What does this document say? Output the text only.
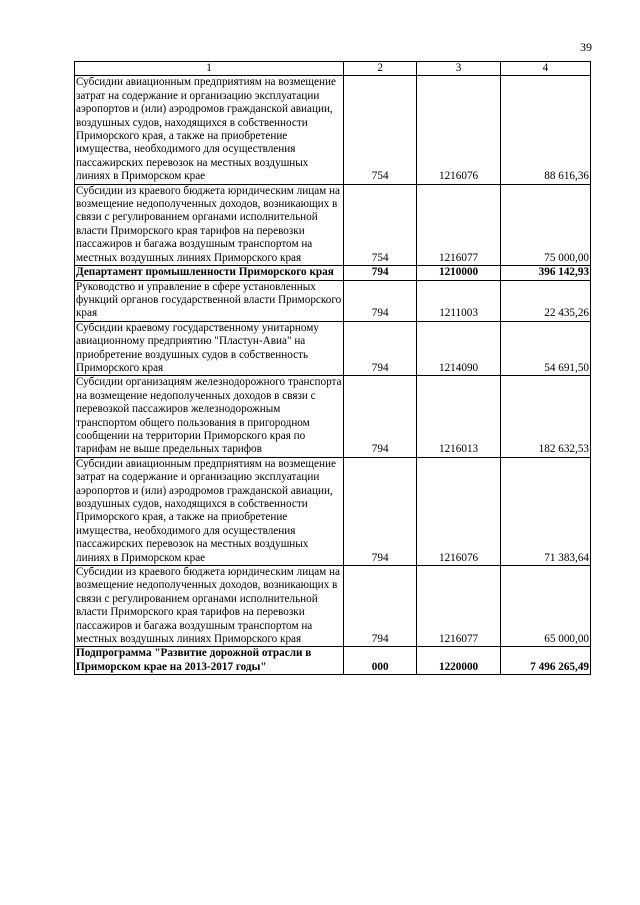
39
1	2	3	4
Субсидии авиационным предприятиям на возмещение затрат на содержание и организацию эксплуатации аэропортов и (или) аэродромов гражданской авиации, воздушных судов, находящихся в собственности Приморского края, а также на приобретение имущества, необходимого для осуществления пассажирских перевозок на местных воздушных линиях в Приморском крае	754	1216076	88 616,36
Субсидии из краевого бюджета юридическим лицам на возмещение недополученных доходов, возникающих в связи с регулированием органами исполнительной власти Приморского края тарифов на перевозки пассажиров и багажа воздушным транспортом на местных воздушных линиях Приморского края	754	1216077	75 000,00
Департамент промышленности Приморского края	794	1210000	396 142,93
Руководство и управление в сфере установленных функций органов государственной власти Приморского края	794	1211003	22 435,26
Субсидии краевому государственному унитарному авиационному предприятию "Пластун-Авиа" на приобретение воздушных судов в собственность Приморского края	794	1214090	54 691,50
Субсидии организациям железнодорожного транспорта на возмещение недополученных доходов в связи с перевозкой пассажиров железнодорожным транспортом общего пользования в пригородном сообщении на территории Приморского края по тарифам не выше предельных тарифов	794	1216013	182 632,53
Субсидии авиационным предприятиям на возмещение затрат на содержание и организацию эксплуатации аэропортов и (или) аэродромов гражданской авиации, воздушных судов, находящихся в собственности Приморского края, а также на приобретение имущества, необходимого для осуществления пассажирских перевозок на местных воздушных линиях в Приморском крае	794	1216076	71 383,64
Субсидии из краевого бюджета юридическим лицам на возмещение недополученных доходов, возникающих в связи с регулированием органами исполнительной власти Приморского края тарифов на перевозки пассажиров и багажа воздушным транспортом на местных воздушных линиях Приморского края	794	1216077	65 000,00
Подпрограмма "Развитие дорожной отрасли в Приморском крае на 2013-2017 годы"	000	1220000	7 496 265,49
